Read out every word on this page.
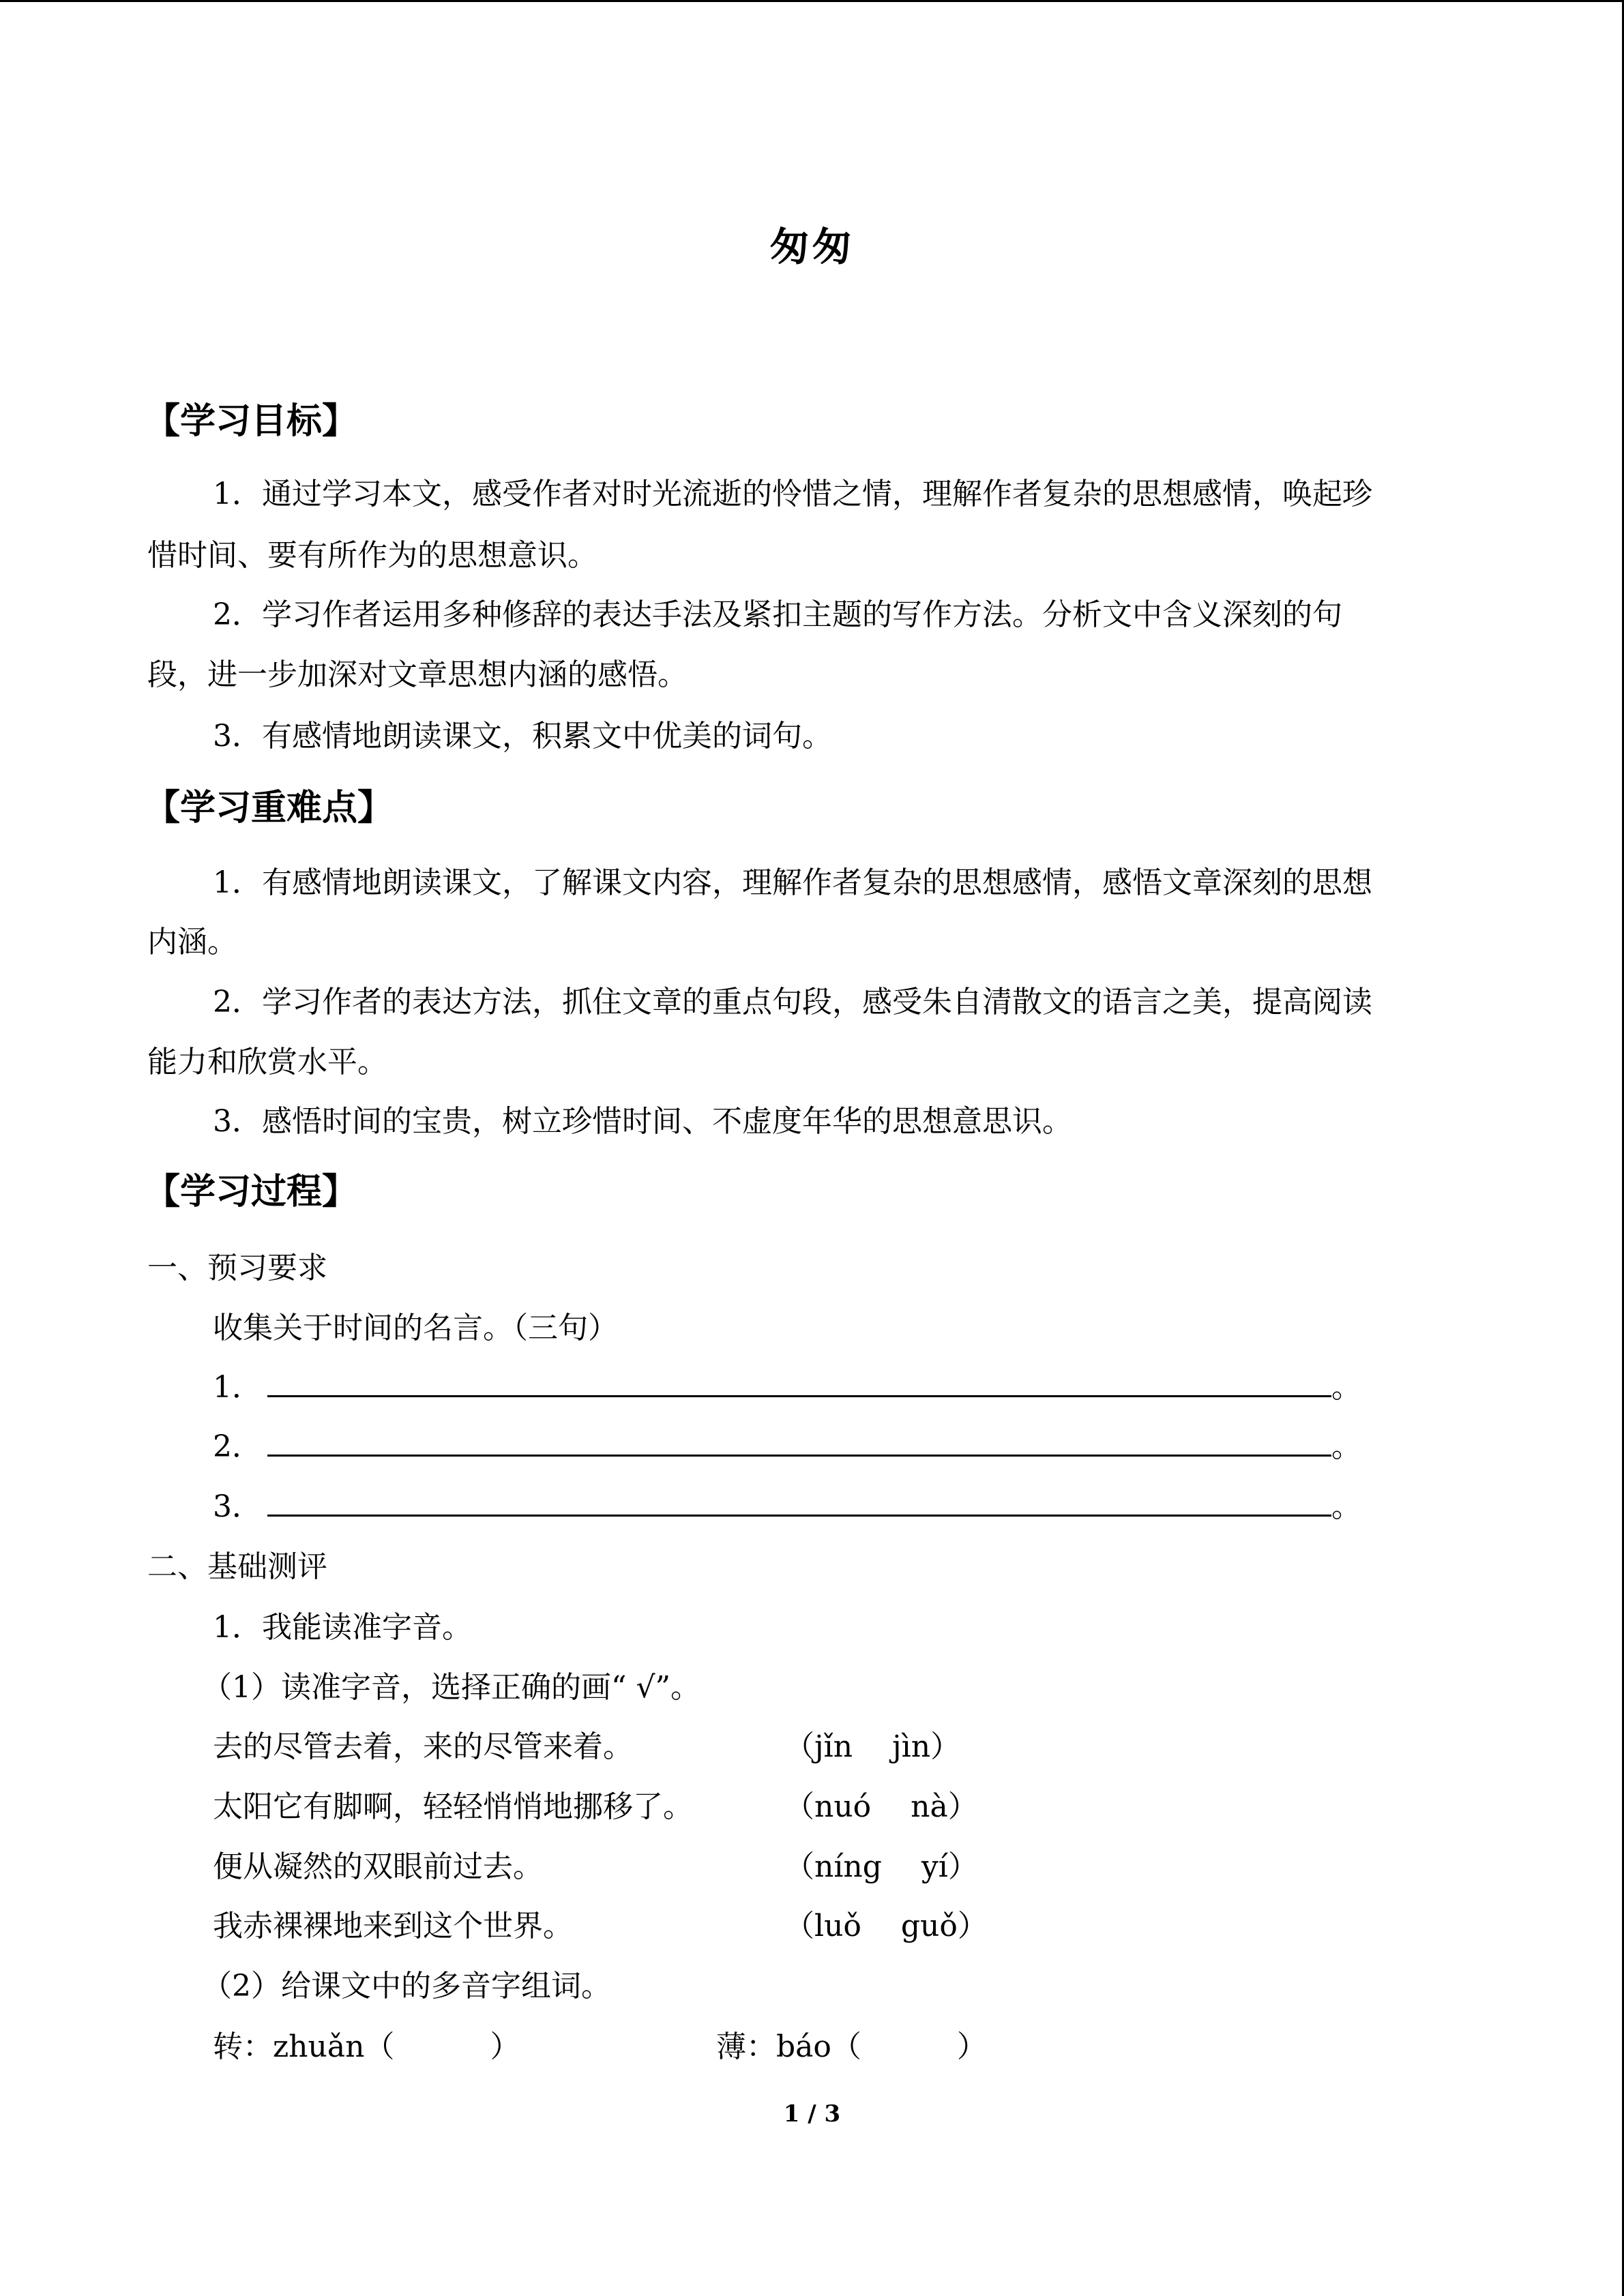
匆匆
【学习目标】
1．通过学习本文，感受作者对时光流逝的怜惜之情，理解作者复杂的思想感情，唤起珍
惜时间、要有所作为的思想意识。
2．学习作者运用多种修辞的表达手法及紧扣主题的写作方法。分析文中含义深刻的句
段，进一步加深对文章思想内涵的感悟。
3．有感情地朗读课文，积累文中优美的词句。
【学习重难点】
1．有感情地朗读课文，了解课文内容，理解作者复杂的思想感情，感悟文章深刻的思想
内涵。
2．学习作者的表达方法，抓住文章的重点句段，感受朱自清散文的语言之美，提高阅读
能力和欣赏水平。
3．感悟时间的宝贵，树立珍惜时间、不虚度年华的思想意思识。
【学习过程】
一、预习要求
收集关于时间的名言。（三句）
1．	。
2．	。
3．	。
二、基础测评
1．我能读准字音。
（1）读准字音，选择正确的画“ √”。
去的尽管去着，来的尽管来着。	（jǐn　 jìn）
太阳它有脚啊，轻轻悄悄地挪移了。	（nuó　 nà）
便从凝然的双眼前过去。	（níng　 yí）
我赤裸裸地来到这个世界。	（luǒ　 guǒ）
（2）给课文中的多音字组词。
转：zhuǎn（	）	薄：báo（	）
1 / 3
